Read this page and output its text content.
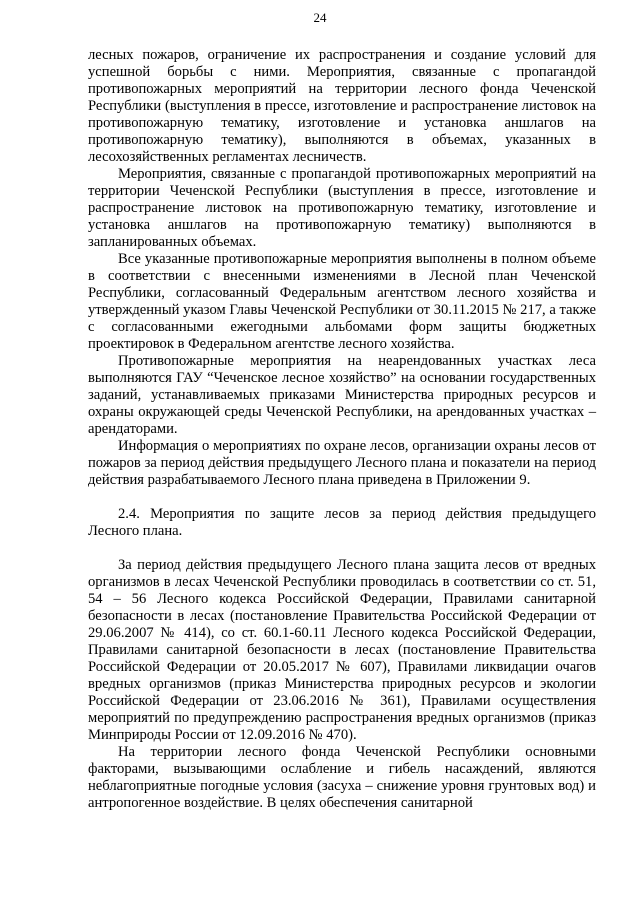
24

лесных пожаров, ограничение их распространения и создание условий для успешной борьбы с ними. Мероприятия, связанные с пропагандой противопожарных мероприятий на территории лесного фонда Чеченской Республики (выступления в прессе, изготовление и распространение листовок на противопожарную тематику, изготовление и установка аншлагов на противопожарную тематику), выполняются в объемах, указанных в лесохозяйственных регламентах лесничеств.

Мероприятия, связанные с пропагандой противопожарных мероприятий на территории Чеченской Республики (выступления в прессе, изготовление и распространение листовок на противопожарную тематику, изготовление и установка аншлагов на противопожарную тематику) выполняются в запланированных объемах.

Все указанные противопожарные мероприятия выполнены в полном объеме в соответствии с внесенными изменениями в Лесной план Чеченской Республики, согласованный Федеральным агентством лесного хозяйства и утвержденный указом Главы Чеченской Республики от 30.11.2015 № 217, а также с согласованными ежегодными альбомами форм защиты бюджетных проектировок в Федеральном агентстве лесного хозяйства.

Противопожарные мероприятия на неарендованных участках леса выполняются ГАУ “Чеченское лесное хозяйство” на основании государственных заданий, устанавливаемых приказами Министерства природных ресурсов и охраны окружающей среды Чеченской Республики, на арендованных участках – арендаторами.

Информация о мероприятиях по охране лесов, организации охраны лесов от пожаров за период действия предыдущего Лесного плана и показатели на период действия разрабатываемого Лесного плана приведена в Приложении 9.

2.4. Мероприятия по защите лесов за период действия предыдущего Лесного плана.

За период действия предыдущего Лесного плана защита лесов от вредных организмов в лесах Чеченской Республики проводилась в соответствии со ст. 51, 54 – 56 Лесного кодекса Российской Федерации, Правилами санитарной безопасности в лесах (постановление Правительства Российской Федерации от 29.06.2007 № 414), со ст. 60.1-60.11 Лесного кодекса Российской Федерации, Правилами санитарной безопасности в лесах (постановление Правительства Российской Федерации от 20.05.2017 № 607), Правилами ликвидации очагов вредных организмов (приказ Министерства природных ресурсов и экологии Российской Федерации от 23.06.2016 № 361), Правилами осуществления мероприятий по предупреждению распространения вредных организмов (приказ Минприроды России от 12.09.2016 № 470).

На территории лесного фонда Чеченской Республики основными факторами, вызывающими ослабление и гибель насаждений, являются неблагоприятные погодные условия (засуха – снижение уровня грунтовых вод) и антропогенное воздействие. В целях обеспечения санитарной
